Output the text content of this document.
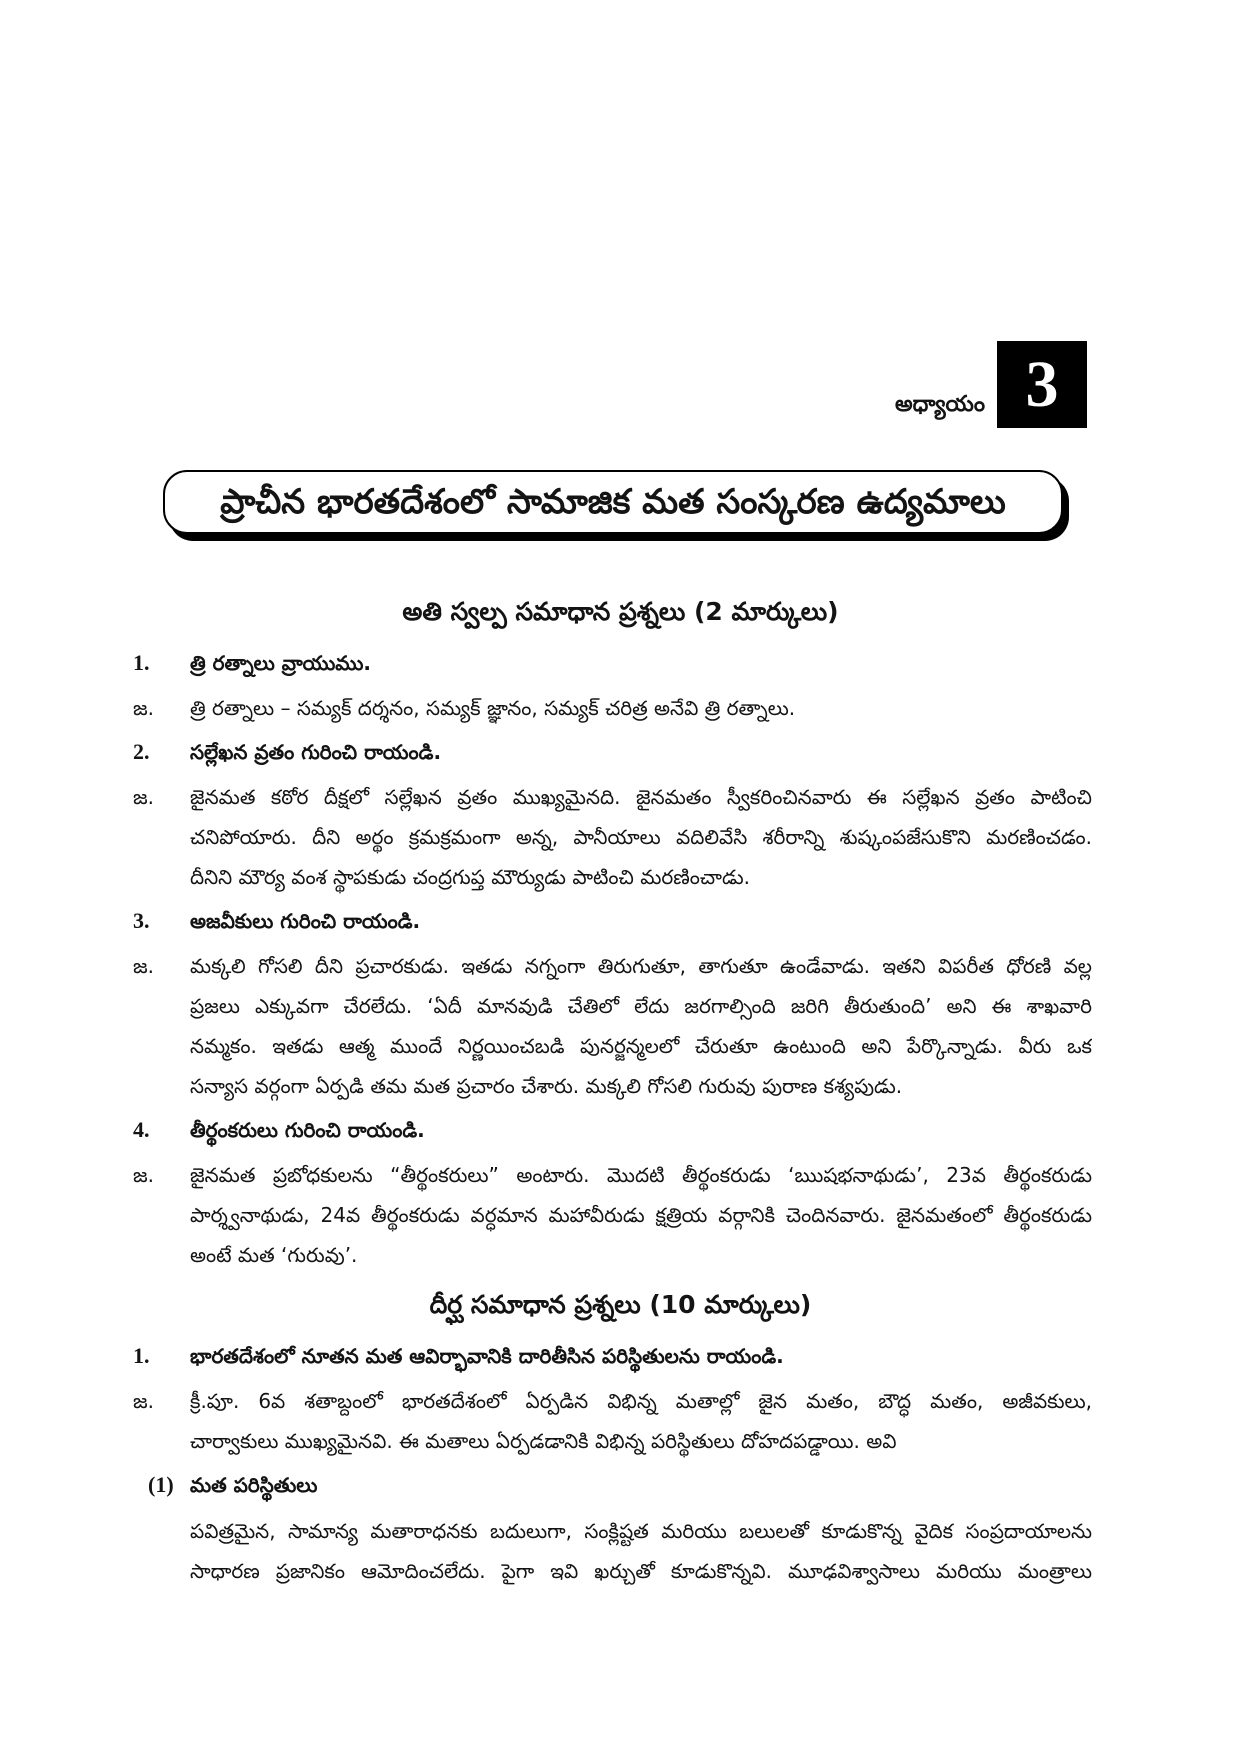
అధ్యాయం 3
ప్రాచీన భారతదేశంలో సామాజిక మత సంస్కరణ ఉద్యమాలు
అతి స్వల్ప సమాధాన ప్రశ్నలు (2 మార్కులు)
1.	త్రి రత్నాలు వ్రాయుము.
జ.	త్రి రత్నాలు – సమ్యక్ దర్శనం, సమ్యక్ జ్ఞానం, సమ్యక్ చరిత్ర అనేవి త్రి రత్నాలు.
2.	సల్లేఖన వ్రతం గురించి రాయండి.
జ.	జైనమత కఠోర దీక్షలో సల్లేఖన వ్రతం ముఖ్యమైనది. జైనమతం స్వీకరించినవారు ఈ సల్లేఖన వ్రతం పాటించి
చనిపోయారు. దీని అర్థం క్రమక్రమంగా అన్న, పానీయాలు వదిలివేసి శరీరాన్ని శుష్కంపజేసుకొని మరణించడం.
దీనిని మౌర్య వంశ స్థాపకుడు చంద్రగుప్త మౌర్యుడు పాటించి మరణించాడు.
3.	అజవీకులు గురించి రాయండి.
జ.	మక్కలి గోసలి దీని ప్రచారకుడు. ఇతడు నగ్నంగా తిరుగుతూ, తాగుతూ ఉండేవాడు. ఇతని విపరీత ధోరణి వల్ల
ప్రజలు ఎక్కువగా చేరలేదు. ‘ఏదీ మానవుడి చేతిలో లేదు జరగాల్సింది జరిగి తీరుతుంది’ అని ఈ శాఖవారి
నమ్మకం. ఇతడు ఆత్మ ముందే నిర్ణయించబడి పునర్జన్మలలో చేరుతూ ఉంటుంది అని పేర్కొన్నాడు. వీరు ఒక
సన్యాస వర్గంగా ఏర్పడి తమ మత ప్రచారం చేశారు. మక్కలి గోసలి గురువు పురాణ కశ్యపుడు.
4.	తీర్థంకరులు గురించి రాయండి.
జ.	జైనమత ప్రబోధకులను “తీర్థంకరులు” అంటారు. మొదటి తీర్థంకరుడు ‘ఋషభనాథుడు’, 23వ తీర్థంకరుడు
పార్శ్వనాథుడు, 24వ తీర్థంకరుడు వర్ధమాన మహావీరుడు క్షత్రియ వర్గానికి చెందినవారు. జైనమతంలో తీర్థంకరుడు
అంటే మత ‘గురువు’.
దీర్ఘ సమాధాన ప్రశ్నలు (10 మార్కులు)
1.	భారతదేశంలో నూతన మత ఆవిర్భావానికి దారితీసిన పరిస్థితులను రాయండి.
జ.	క్రీ.పూ. 6వ శతాబ్దంలో భారతదేశంలో ఏర్పడిన విభిన్న మతాల్లో జైన మతం, బౌద్ధ మతం, అజీవకులు,
చార్వాకులు ముఖ్యమైనవి. ఈ మతాలు ఏర్పడడానికి విభిన్న పరిస్థితులు దోహదపడ్డాయి. అవి
(1) మత పరిస్థితులు
పవిత్రమైన, సామాన్య మతారాధనకు బదులుగా, సంక్లిష్టత మరియు బలులతో కూడుకొన్న వైదిక సంప్రదాయాలను
సాధారణ ప్రజానికం ఆమోదించలేదు. పైగా ఇవి ఖర్చుతో కూడుకొన్నవి. మూఢవిశ్వాసాలు మరియు మంత్రాలు
